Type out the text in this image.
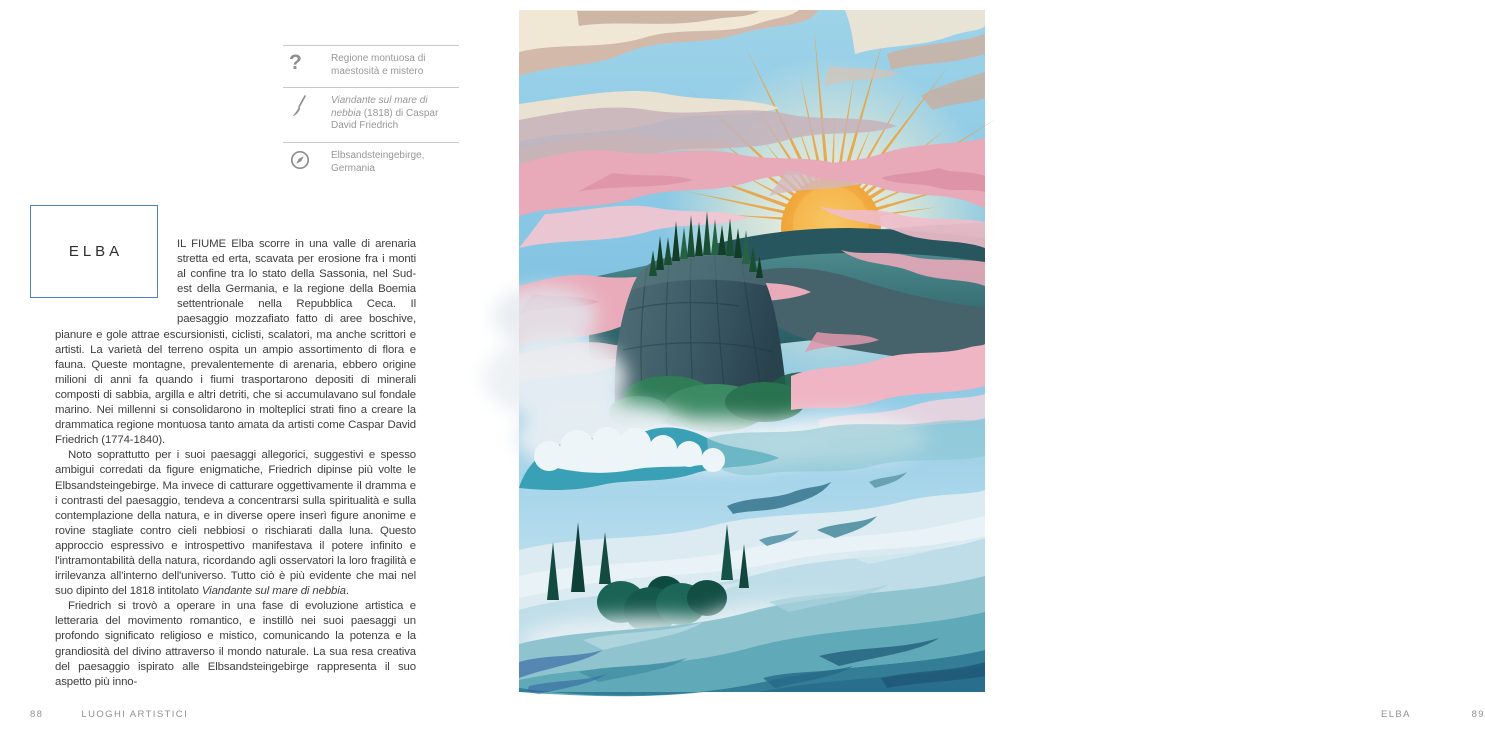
?	Regione montuosa di maestosità e mistero
Viandante sul mare di nebbia (1818) di Caspar David Friedrich
Elbsandsteingebirge, Germania
ELBA	IL FIUME Elba scorre in una valle di arenaria stretta ed erta, scavata per erosione fra i monti al confine tra lo stato della Sassonia, nel Sud-est della Germania, e la regione della Boemia settentrionale nella Repubblica Ceca. Il paesaggio mozzafiato fatto di aree boschive, pianure e gole attrae escursionisti, ciclisti, scalatori, ma anche scrittori e artisti. La varietà del terreno ospita un ampio assortimento di flora e fauna. Queste montagne, prevalentemente di arenaria, ebbero origine milioni di anni fa quando i fiumi trasportarono depositi di minerali composti di sabbia, argilla e altri detriti, che si accumulavano sul fondale marino. Nei millenni si consolidarono in molteplici strati fino a creare la drammatica regione montuosa tanto amata da artisti come Caspar David Friedrich (1774-1840).

Noto soprattutto per i suoi paesaggi allegorici, suggestivi e spesso ambigui corredati da figure enigmatiche, Friedrich dipinse più volte le Elbsandsteingebirge. Ma invece di catturare oggettivamente il dramma e i contrasti del paesaggio, tendeva a concentrarsi sulla spiritualità e sulla contemplazione della natura, e in diverse opere inserì figure anonime e rovine stagliate contro cieli nebbiosi o rischiarati dalla luna. Questo approccio espressivo e introspettivo manifestava il potere infinito e l'intramontabilità della natura, ricordando agli osservatori la loro fragilità e irrilevanza all'interno dell'universo. Tutto ciò è più evidente che mai nel suo dipinto del 1818 intitolato Viandante sul mare di nebbia.

Friedrich si trovò a operare in una fase di evoluzione artistica e letteraria del movimento romantico, e instillò nei suoi paesaggi un profondo significato religioso e mistico, comunicando la potenza e la grandiosità del divino attraverso il mondo naturale. La sua resa creativa del paesaggio ispirato alle Elbsandsteingebirge rappresenta il suo aspetto più inno-

88	LUOGHI ARTISTICI	ELBA	89
